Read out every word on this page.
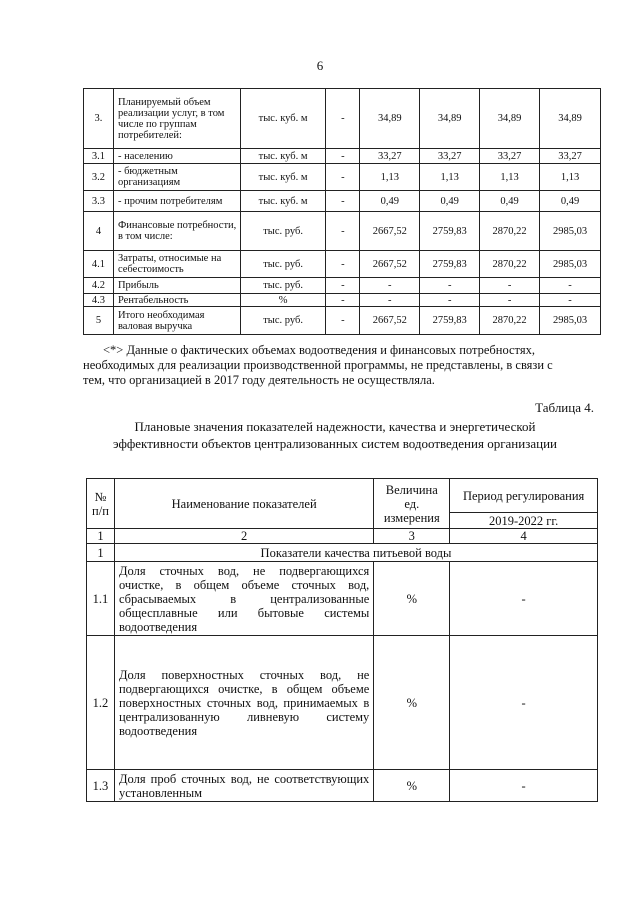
6
3.	Планируемый объем реализации услуг, в том числе по группам потребителей:	тыс. куб. м	-	34,89	34,89	34,89	34,89
3.1	- населению	тыс. куб. м	-	33,27	33,27	33,27	33,27
3.2	- бюджетным организациям	тыс. куб. м	-	1,13	1,13	1,13	1,13
3.3	- прочим потребителям	тыс. куб. м	-	0,49	0,49	0,49	0,49
4	Финансовые потребности, в том числе:	тыс. руб.	-	2667,52	2759,83	2870,22	2985,03
4.1	Затраты, относимые на себестоимость	тыс. руб.	-	2667,52	2759,83	2870,22	2985,03
4.2	Прибыль	тыс. руб.	-	-	-	-	-
4.3	Рентабельность	%	-	-	-	-	-
5	Итого необходимая валовая выручка	тыс. руб.	-	2667,52	2759,83	2870,22	2985,03
<*> Данные о фактических объемах водоотведения и финансовых потребностях,
необходимых для реализации производственной программы, не представлены, в связи с
тем, что организацией в 2017 году деятельность не осуществляла.
Таблица 4.
Плановые значения показателей надежности, качества и энергетической
эффективности объектов централизованных систем водоотведения организации
№ п/п	Наименование показателей	Величина ед. измерения	Период регулирования
			2019-2022 гг.
1	2	3	4
1	Показатели качества питьевой воды		
1.1	Доля сточных вод, не подвергающихся очистке, в общем объеме сточных вод, сбрасываемых в централизованные общесплавные или бытовые системы водоотведения	%	-
1.2	Доля поверхностных сточных вод, не подвергающихся очистке, в общем объеме поверхностных сточных вод, принимаемых в централизованную ливневую систему водоотведения	%	-
1.3	Доля проб сточных вод, не соответствующих установленным	%	-
